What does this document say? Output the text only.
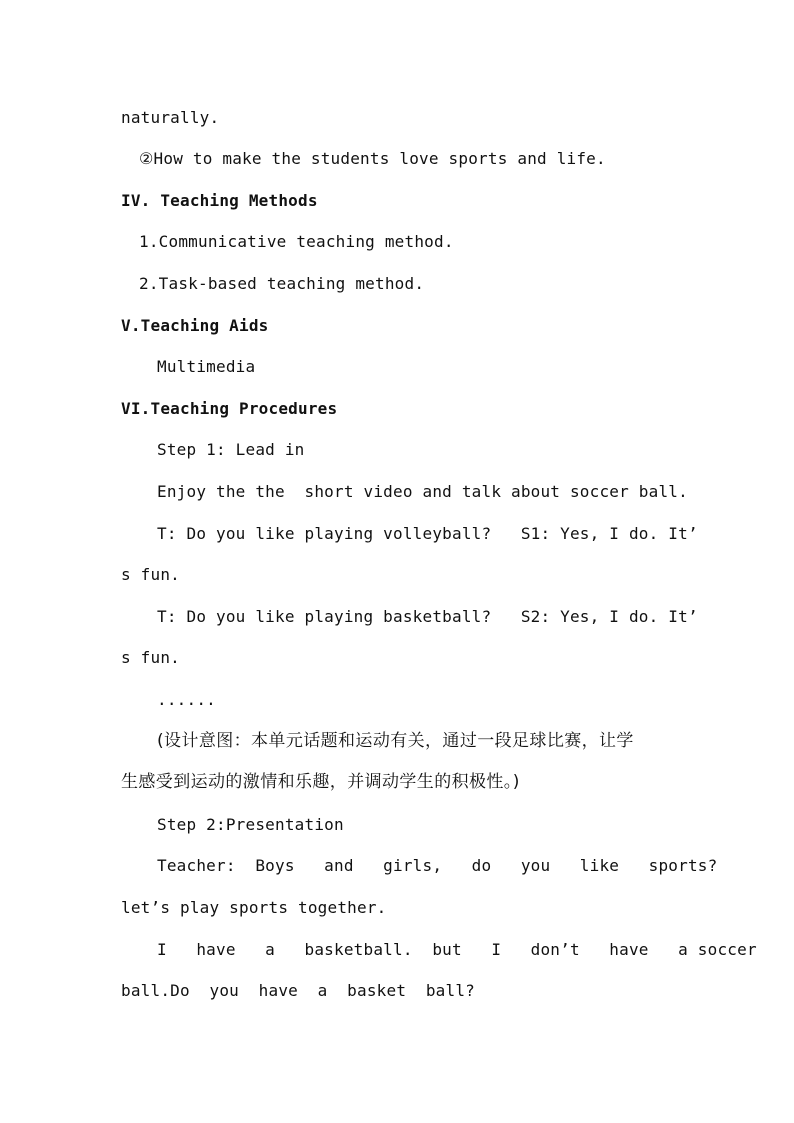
naturally.
②How to make the students love sports and life.
IV. Teaching Methods
1.Communicative teaching method.
2.Task-based teaching method.
V.Teaching Aids
Multimedia
VI.Teaching Procedures
Step 1: Lead in
Enjoy the the  short video and talk about soccer ball.
T: Do you like playing volleyball?   S1: Yes, I do. It’
s fun.
T: Do you like playing basketball?   S2: Yes, I do. It’
s fun.
......
(设计意图：本单元话题和运动有关，通过一段足球比赛，让学
生感受到运动的激情和乐趣，并调动学生的积极性。)
Step 2:Presentation
Teacher:  Boys   and   girls,   do   you   like   sports?
let’s play sports together.
I   have   a   basketball.  but   I   don’t   have   a soccer
ball.Do  you  have  a  basket  ball?
